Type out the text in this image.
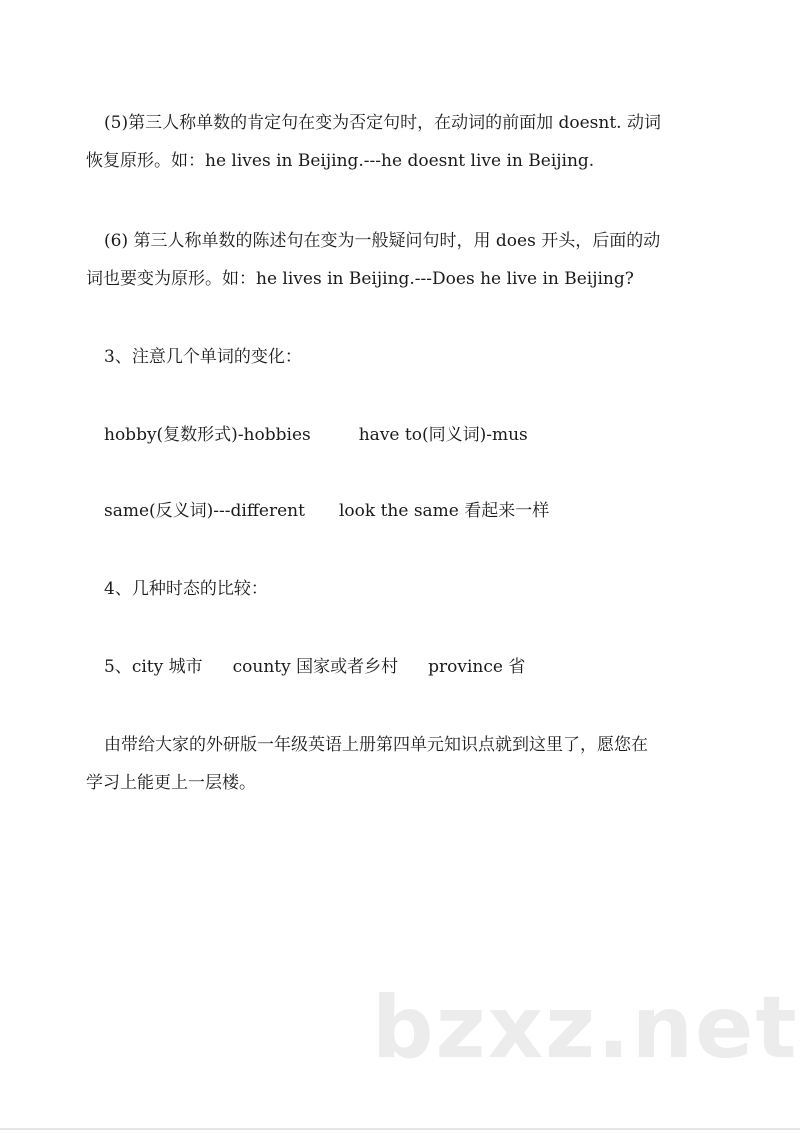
(5)第三人称单数的肯定句在变为否定句时，在动词的前面加 doesnt. 动词
恢复原形。如：he lives in Beijing.---he doesnt live in Beijing.
(6) 第三人称单数的陈述句在变为一般疑问句时，用 does 开头，后面的动
词也要变为原形。如：he lives in Beijing.---Does he live in Beijing?
3、注意几个单词的变化：
hobby(复数形式)-hobbies	have to(同义词)-mus
same(反义词)---different look the same 看起来一样
4、几种时态的比较：
5、city 城市 county 国家或者乡村 province 省
由带给大家的外研版一年级英语上册第四单元知识点就到这里了，愿您在
学习上能更上一层楼。
bzxz.net
